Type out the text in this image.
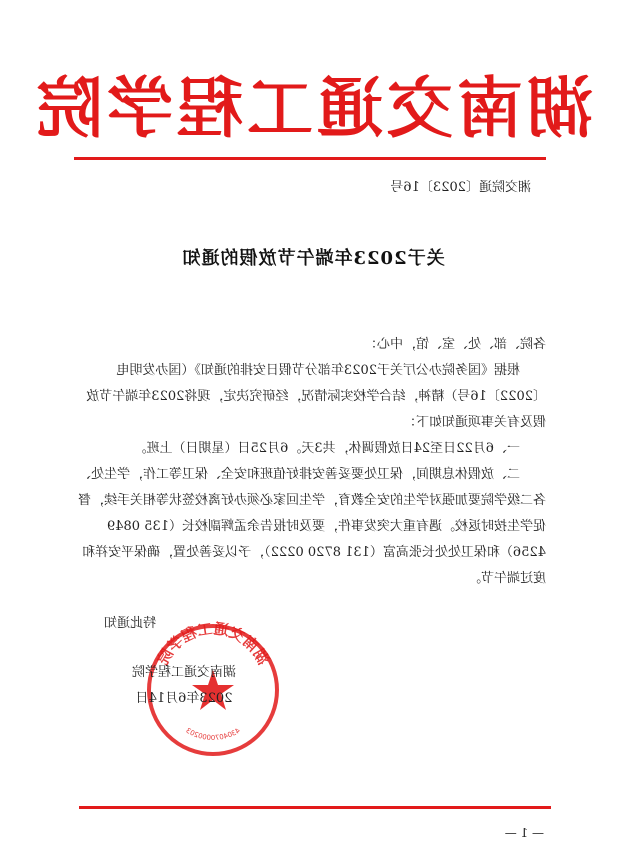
湖南交通工程学院
湘交院通〔2023〕16号
关于2023年端午节放假的通知

各院、部、处、室、馆，中心：

根据《国务院办公厅关于2023年部分节假日安排的通知》（国办发明电〔2022〕16号）精神，结合学校实际情况，经研究决定，现将2023年端午节放假及有关事项通知如下：

一、6月22日至24日放假调休，共3天。6月25日（星期日）上班。

二、放假休息期间，保卫处要妥善安排好值班和安全、保卫等工作，学生处、各二级学院要加强对学生的安全教育，学生回家必须办好离校签状等相关手续，督促学生按时返校。遇有重大突发事件，要及时报告余孟辉副校长（135 0849 4256）和保卫处处长张高富（131 8720 0222），予以妥善处置，确保平安祥和度过端午节。

特此通知
湖南交通工程学院
4304070000203
湖南交通工程学院
2023年6月14日
— 1 —
